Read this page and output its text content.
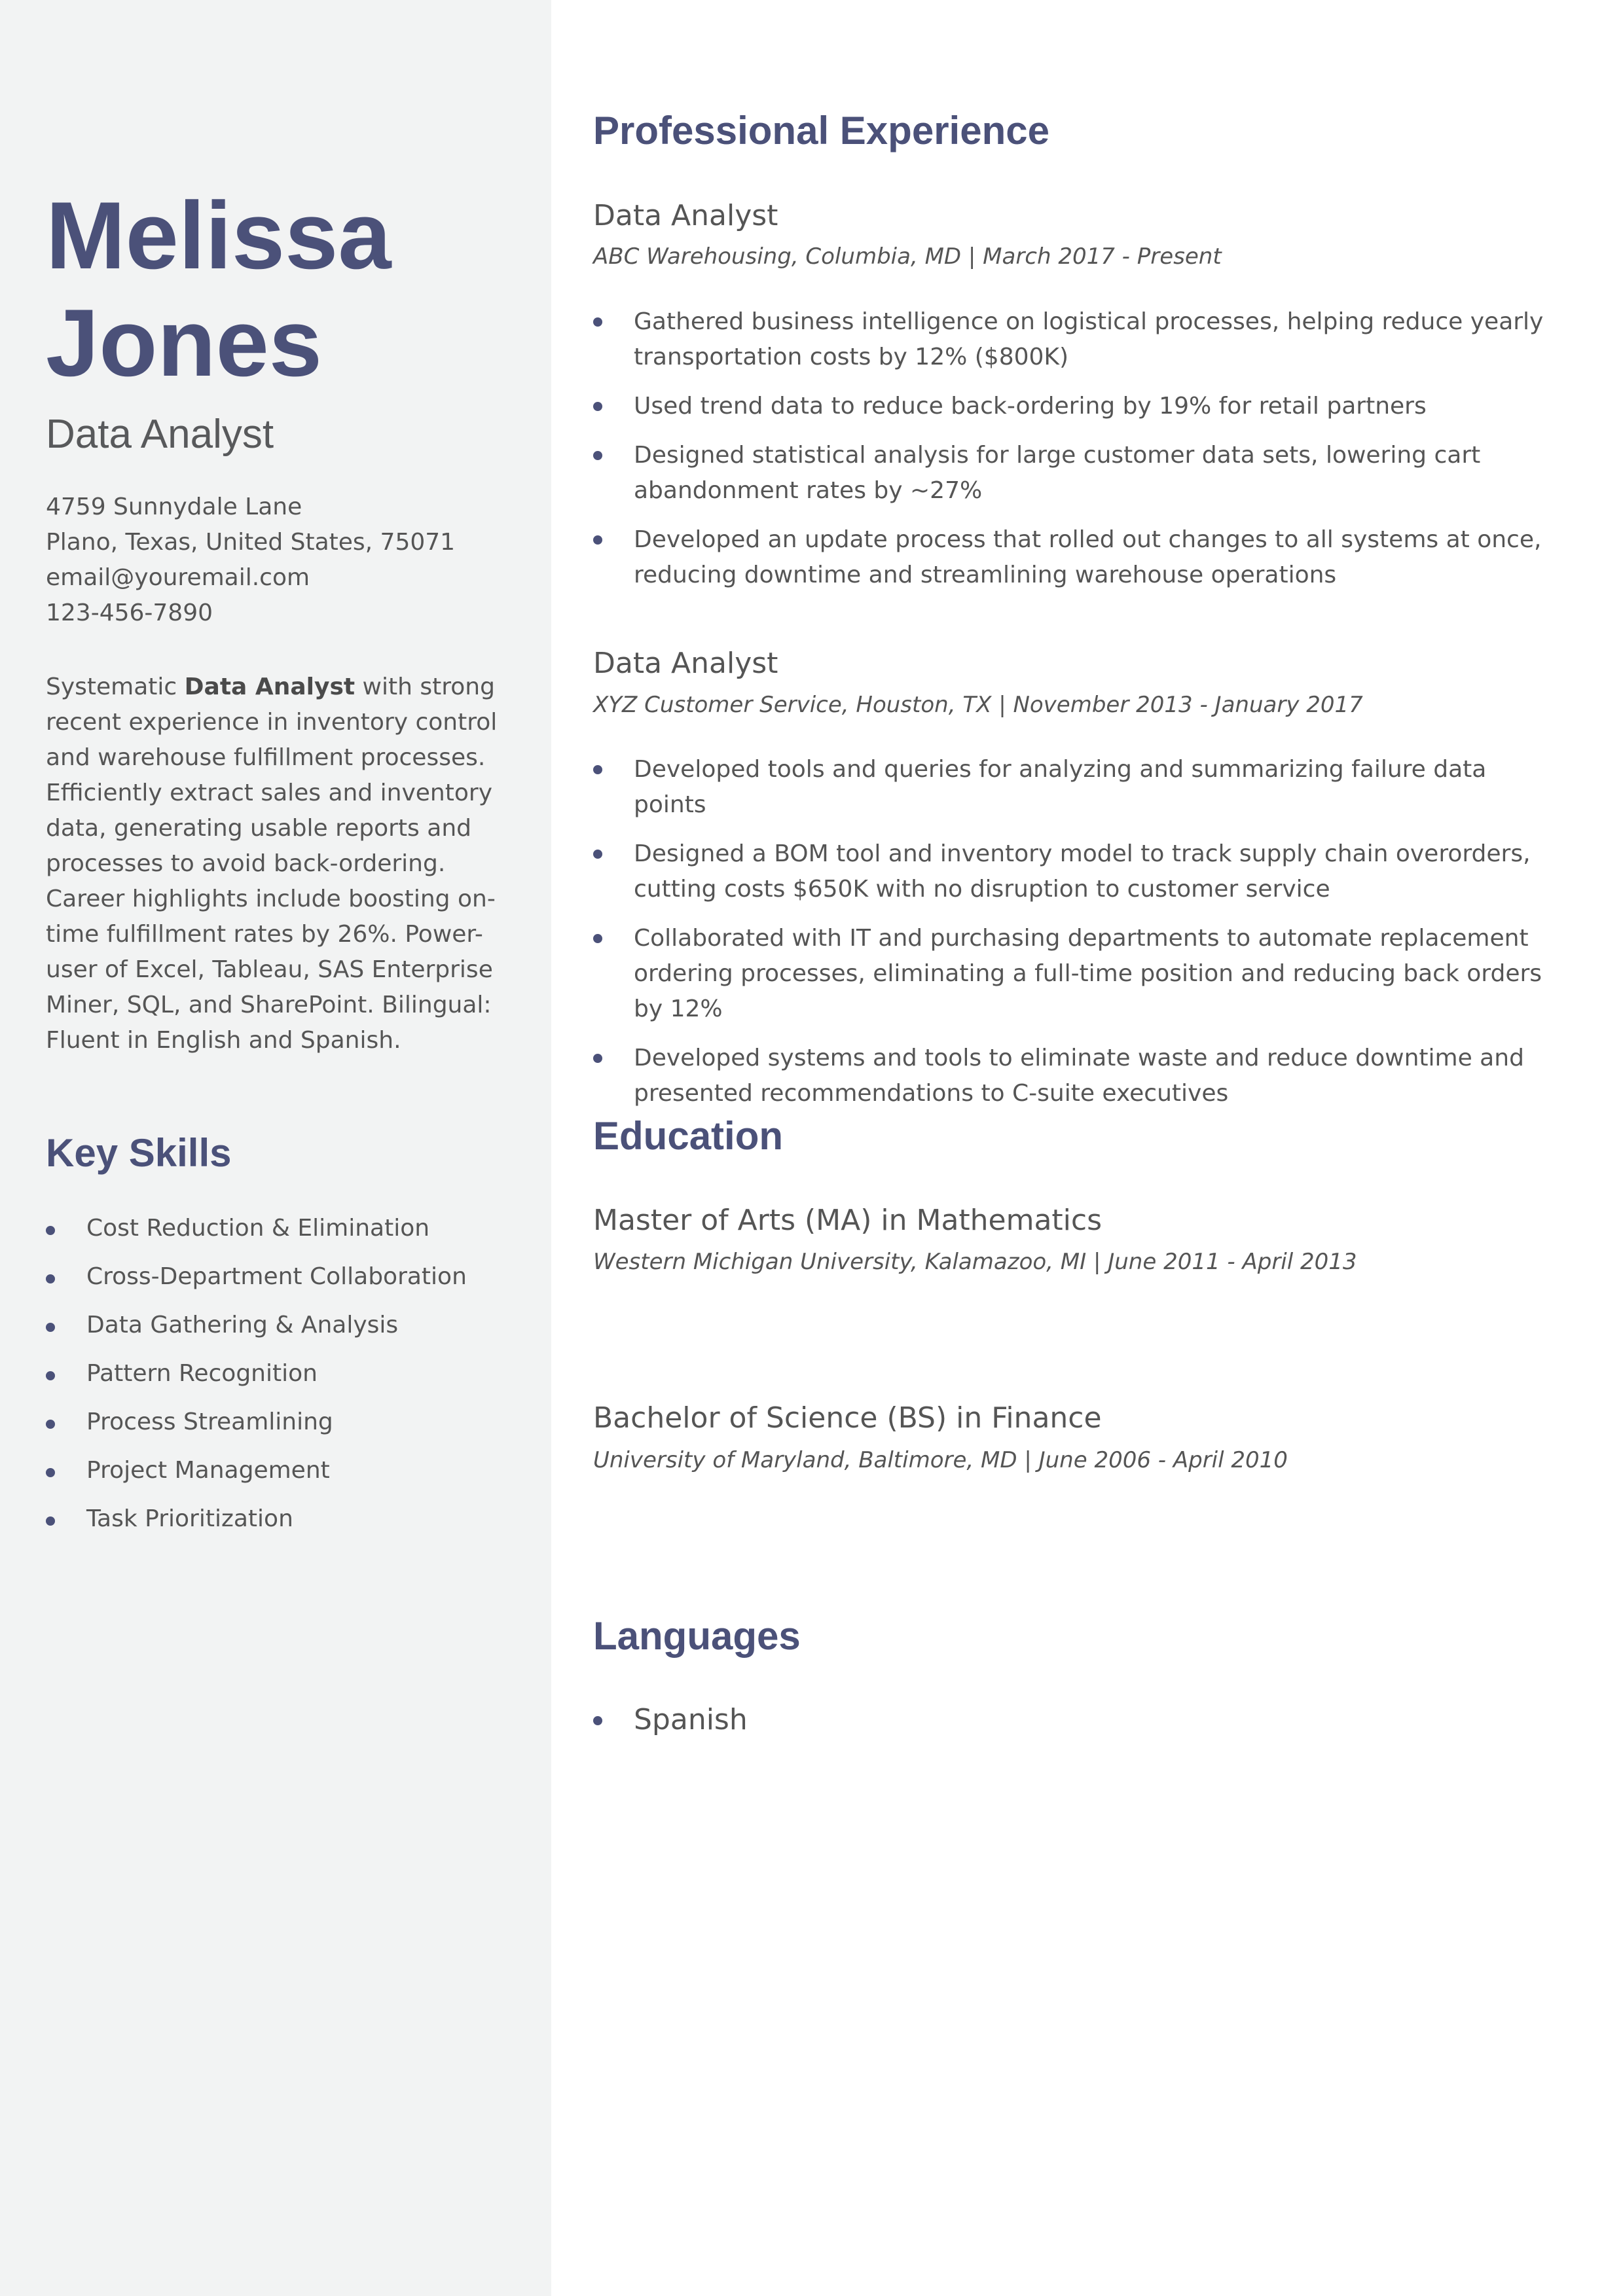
Melissa
Jones
Data Analyst
4759 Sunnydale Lane
Plano, Texas, United States, 75071
email@youremail.com
123-456-7890

Systematic Data Analyst with strong recent experience in inventory control and warehouse fulfillment processes. Efficiently extract sales and inventory data, generating usable reports and processes to avoid back-ordering. Career highlights include boosting on-time fulfillment rates by 26%. Power-user of Excel, Tableau, SAS Enterprise Miner, SQL, and SharePoint. Bilingual: Fluent in English and Spanish.

Key Skills
Cost Reduction & Elimination
Cross-Department Collaboration
Data Gathering & Analysis
Pattern Recognition
Process Streamlining
Project Management
Task Prioritization
Professional Experience
Data Analyst
ABC Warehousing, Columbia, MD | March 2017 - Present
Gathered business intelligence on logistical processes, helping reduce yearly transportation costs by 12% ($800K)
Used trend data to reduce back-ordering by 19% for retail partners
Designed statistical analysis for large customer data sets, lowering cart abandonment rates by ~27%
Developed an update process that rolled out changes to all systems at once, reducing downtime and streamlining warehouse operations
Data Analyst
XYZ Customer Service, Houston, TX | November 2013 - January 2017
Developed tools and queries for analyzing and summarizing failure data points
Designed a BOM tool and inventory model to track supply chain overorders, cutting costs $650K with no disruption to customer service
Collaborated with IT and purchasing departments to automate replacement ordering processes, eliminating a full-time position and reducing back orders by 12%
Developed systems and tools to eliminate waste and reduce downtime and presented recommendations to C-suite executives
Education
Master of Arts (MA) in Mathematics
Western Michigan University, Kalamazoo, MI | June 2011 - April 2013
Bachelor of Science (BS) in Finance
University of Maryland, Baltimore, MD | June 2006 - April 2010
Languages
Spanish
